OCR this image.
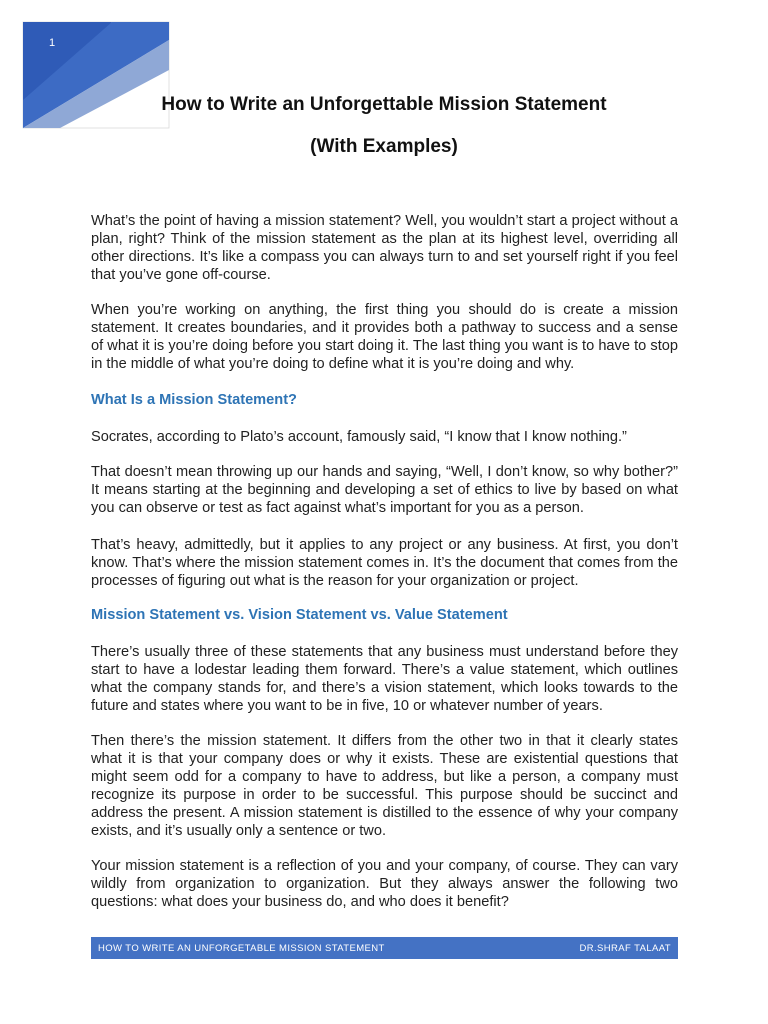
1
How to Write an Unforgettable Mission Statement
(With Examples)

What’s the point of having a mission statement? Well, you wouldn’t start a project without a plan, right? Think of the mission statement as the plan at its highest level, overriding all other directions. It’s like a compass you can always turn to and set yourself right if you feel that you’ve gone off-course.

When you’re working on anything, the first thing you should do is create a mission statement. It creates boundaries, and it provides both a pathway to success and a sense of what it is you’re doing before you start doing it. The last thing you want is to have to stop in the middle of what you’re doing to define what it is you’re doing and why.

What Is a Mission Statement?

Socrates, according to Plato’s account, famously said, “I know that I know nothing.”

That doesn’t mean throwing up our hands and saying, “Well, I don’t know, so why bother?” It means starting at the beginning and developing a set of ethics to live by based on what you can observe or test as fact against what’s important for you as a person.

That’s heavy, admittedly, but it applies to any project or any business. At first, you don’t know. That’s where the mission statement comes in. It’s the document that comes from the processes of figuring out what is the reason for your organization or project.

Mission Statement vs. Vision Statement vs. Value Statement

There’s usually three of these statements that any business must understand before they start to have a lodestar leading them forward. There’s a value statement, which outlines what the company stands for, and there’s a vision statement, which looks towards to the future and states where you want to be in five, 10 or whatever number of years.

Then there’s the mission statement. It differs from the other two in that it clearly states what it is that your company does or why it exists. These are existential questions that might seem odd for a company to have to address, but like a person, a company must recognize its purpose in order to be successful. This purpose should be succinct and address the present. A mission statement is distilled to the essence of why your company exists, and it’s usually only a sentence or two.

Your mission statement is a reflection of you and your company, of course. They can vary wildly from organization to organization. But they always answer the following two questions: what does your business do, and who does it benefit?

HOW TO WRITE AN UNFORGETABLE MISSION STATEMENT	DR.SHRAF TALAAT
